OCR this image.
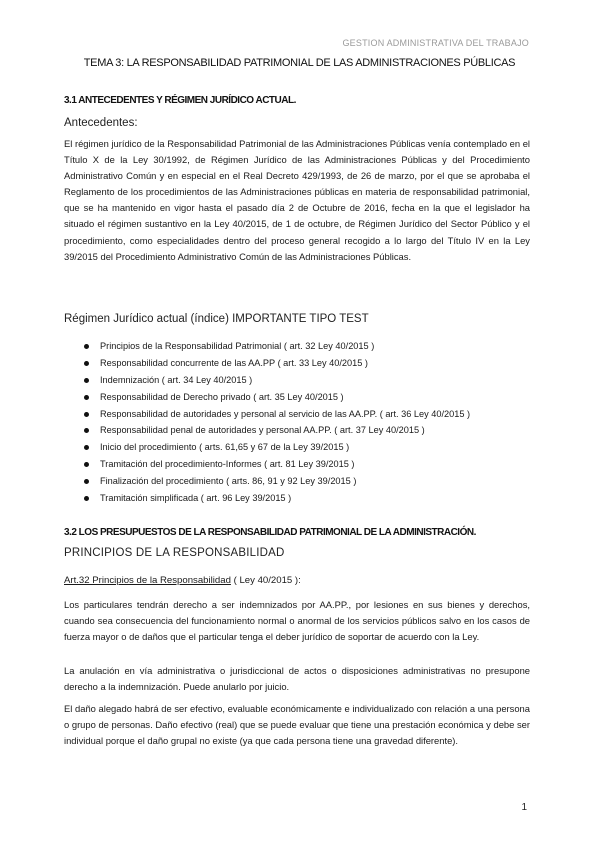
GESTION ADMINISTRATIVA DEL TRABAJO
TEMA 3: LA RESPONSABILIDAD PATRIMONIAL DE LAS ADMINISTRACIONES PÚBLICAS
3.1 ANTECEDENTES Y RÉGIMEN JURÍDICO ACTUAL.
Antecedentes:

El régimen jurídico de la Responsabilidad Patrimonial de las Administraciones Públicas venía contemplado en el Título X de la Ley 30/1992, de Régimen Jurídico de las Administraciones Públicas y del Procedimiento Administrativo Común y en especial en el Real Decreto 429/1993, de 26 de marzo, por el que se aprobaba el Reglamento de los procedimientos de las Administraciones públicas en materia de responsabilidad patrimonial, que se ha mantenido en vigor hasta el pasado día 2 de Octubre de 2016, fecha en la que el legislador ha situado el régimen sustantivo en la Ley 40/2015, de 1 de octubre, de Régimen Jurídico del Sector Público y el procedimiento, como especialidades dentro del proceso general recogido a lo largo del Título IV en la Ley 39/2015 del Procedimiento Administrativo Común de las Administraciones Públicas.

Régimen Jurídico actual (índice) IMPORTANTE TIPO TEST
Principios de la Responsabilidad Patrimonial ( art. 32 Ley 40/2015 )
Responsabilidad concurrente de las AA.PP ( art. 33 Ley 40/2015 )
Indemnización ( art. 34 Ley 40/2015 )
Responsabilidad de Derecho privado ( art. 35 Ley 40/2015 )
Responsabilidad de autoridades y personal al servicio de las AA.PP. ( art. 36 Ley 40/2015 )
Responsabilidad penal de autoridades y personal AA.PP. ( art. 37 Ley 40/2015 )
Inicio del procedimiento ( arts. 61,65 y 67 de la Ley 39/2015 )
Tramitación del procedimiento-Informes ( art. 81 Ley 39/2015 )
Finalización del procedimiento ( arts. 86, 91 y 92 Ley 39/2015 )
Tramitación simplificada ( art. 96 Ley 39/2015 )
3.2 LOS PRESUPUESTOS DE LA RESPONSABILIDAD PATRIMONIAL DE LA ADMINISTRACIÓN.
PRINCIPIOS DE LA RESPONSABILIDAD
Art.32 Principios de la Responsabilidad ( Ley 40/2015 ):

Los particulares tendrán derecho a ser indemnizados por AA.PP., por lesiones en sus bienes y derechos, cuando sea consecuencia del funcionamiento normal o anormal de los servicios públicos salvo en los casos de fuerza mayor o de daños que el particular tenga el deber jurídico de soportar de acuerdo con la Ley.

La anulación en vía administrativa o jurisdiccional de actos o disposiciones administrativas no presupone derecho a la indemnización. Puede anularlo por juicio.

El daño alegado habrá de ser efectivo, evaluable económicamente e individualizado con relación a una persona o grupo de personas. Daño efectivo (real) que se puede evaluar que tiene una prestación económica y debe ser individual porque el daño grupal no existe (ya que cada persona tiene una gravedad diferente).

1
